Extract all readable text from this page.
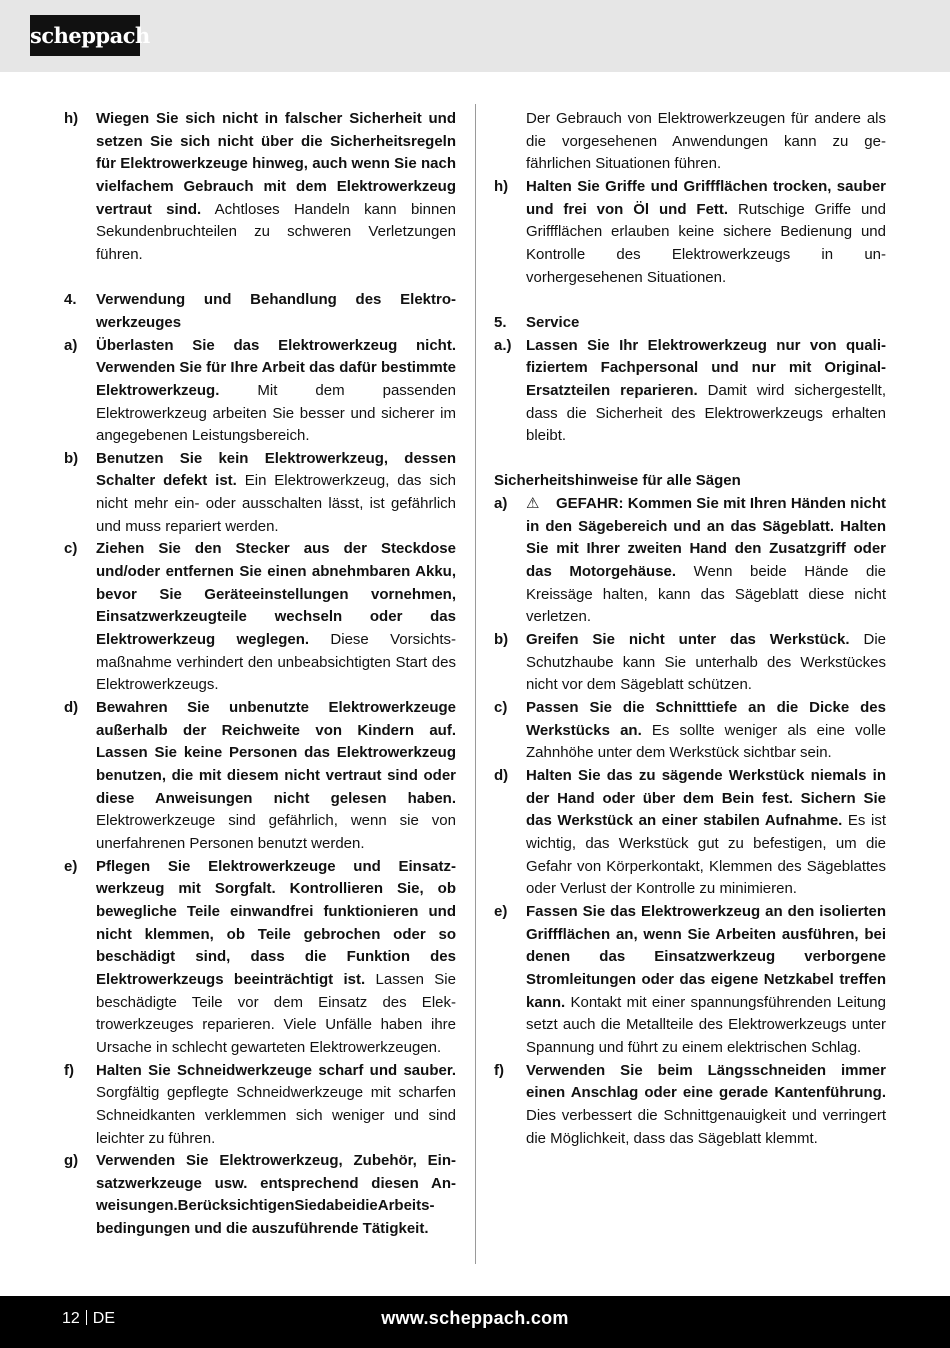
scheppach
h)	Wiegen Sie sich nicht in falscher Sicherheit und setzen Sie sich nicht über die Sicherheitsregeln für Elektrowerkzeuge hinweg, auch wenn Sie nach vielfachem Gebrauch mit dem Elektrowerkzeug vertraut sind. Achtloses Handeln kann binnen Sekundenbruchteilen zu schweren Verletzungen führen.
4.	Verwendung und Behandlung des Elektrowerkzeuges
a)	Überlasten Sie das Elektrowerkzeug nicht. Verwenden Sie für Ihre Arbeit das dafür bestimmte Elektrowerkzeug. Mit dem passenden Elektrowerkzeug arbeiten Sie besser und sicherer im angegebenen Leistungsbereich.
b)	Benutzen Sie kein Elektrowerkzeug, dessen Schalter defekt ist. Ein Elektrowerkzeug, das sich nicht mehr ein- oder ausschalten lässt, ist gefährlich und muss repariert werden.
c)	Ziehen Sie den Stecker aus der Steckdose und/oder entfernen Sie einen abnehmbaren Akku, bevor Sie Geräteeinstellungen vornehmen, Einsatzwerkzeugteile wechseln oder das Elektrowerkzeug weglegen. Diese Vorsichtsmaßnahme verhindert den unbeabsichtigten Start des Elektrowerkzeugs.
d)	Bewahren Sie unbenutzte Elektrowerkzeuge außerhalb der Reichweite von Kindern auf. Lassen Sie keine Personen das Elektrowerkzeug benutzen, die mit diesem nicht vertraut sind oder diese Anweisungen nicht gelesen haben. Elektrowerkzeuge sind gefährlich, wenn sie von unerfahrenen Personen benutzt werden.
e)	Pflegen Sie Elektrowerkzeuge und Einsatzwerkzeug mit Sorgfalt. Kontrollieren Sie, ob bewegliche Teile einwandfrei funktionieren und nicht klemmen, ob Teile gebrochen oder so beschädigt sind, dass die Funktion des Elektrowerkzeugs beeinträchtigt ist. Lassen Sie beschädigte Teile vor dem Einsatz des Elektrowerkzeuges reparieren. Viele Unfälle haben ihre Ursache in schlecht gewarteten Elektrowerkzeugen.
f)	Halten Sie Schneidwerkzeuge scharf und sauber. Sorgfältig gepflegte Schneidwerkzeuge mit scharfen Schneidkanten verklemmen sich weniger und sind leichter zu führen.
g)	Verwenden Sie Elektrowerkzeug, Zubehör, Einsatzwerkzeuge usw. entsprechend diesen Anweisungen.BerücksichtigenSiedabeidieArbeitsbedingungen und die auszuführende Tätigkeit.
Der Gebrauch von Elektrowerkzeugen für andere als die vorgesehenen Anwendungen kann zu gefährlichen Situationen führen.
h)	Halten Sie Griffe und Griffflächen trocken, sauber und frei von Öl und Fett. Rutschige Griffe und Griffflächen erlauben keine sichere Bedienung und Kontrolle des Elektrowerkzeugs in unvorhergesehenen Situationen.
5.	Service
a.) Lassen Sie Ihr Elektrowerkzeug nur von qualifiziertem Fachpersonal und nur mit Original-Ersatzteilen reparieren. Damit wird sichergestellt, dass die Sicherheit des Elektrowerkzeugs erhalten bleibt.
Sicherheitshinweise für alle Sägen
a)	⚠ GEFAHR: Kommen Sie mit Ihren Händen nicht in den Sägebereich und an das Sägeblatt. Halten Sie mit Ihrer zweiten Hand den Zusatzgriff oder das Motorgehäuse. Wenn beide Hände die Kreissäge halten, kann das Sägeblatt diese nicht verletzen.
b)	Greifen Sie nicht unter das Werkstück. Die Schutzhaube kann Sie unterhalb des Werkstückes nicht vor dem Sägeblatt schützen.
c)	Passen Sie die Schnitttiefe an die Dicke des Werkstücks an. Es sollte weniger als eine volle Zahnhöhe unter dem Werkstück sichtbar sein.
d)	Halten Sie das zu sägende Werkstück niemals in der Hand oder über dem Bein fest. Sichern Sie das Werkstück an einer stabilen Aufnahme. Es ist wichtig, das Werkstück gut zu befestigen, um die Gefahr von Körperkontakt, Klemmen des Sägeblattes oder Verlust der Kontrolle zu minimieren.
e)	Fassen Sie das Elektrowerkzeug an den isolierten Griffflächen an, wenn Sie Arbeiten ausführen, bei denen das Einsatzwerkzeug verborgene Stromleitungen oder das eigene Netzkabel treffen kann. Kontakt mit einer spannungsführenden Leitung setzt auch die Metallteile des Elektrowerkzeugs unter Spannung und führt zu einem elektrischen Schlag.
f)	Verwenden Sie beim Längsschneiden immer einen Anschlag oder eine gerade Kantenführung. Dies verbessert die Schnittgenauigkeit und verringert die Möglichkeit, dass das Sägeblatt klemmt.
12 DE	www.scheppach.com
